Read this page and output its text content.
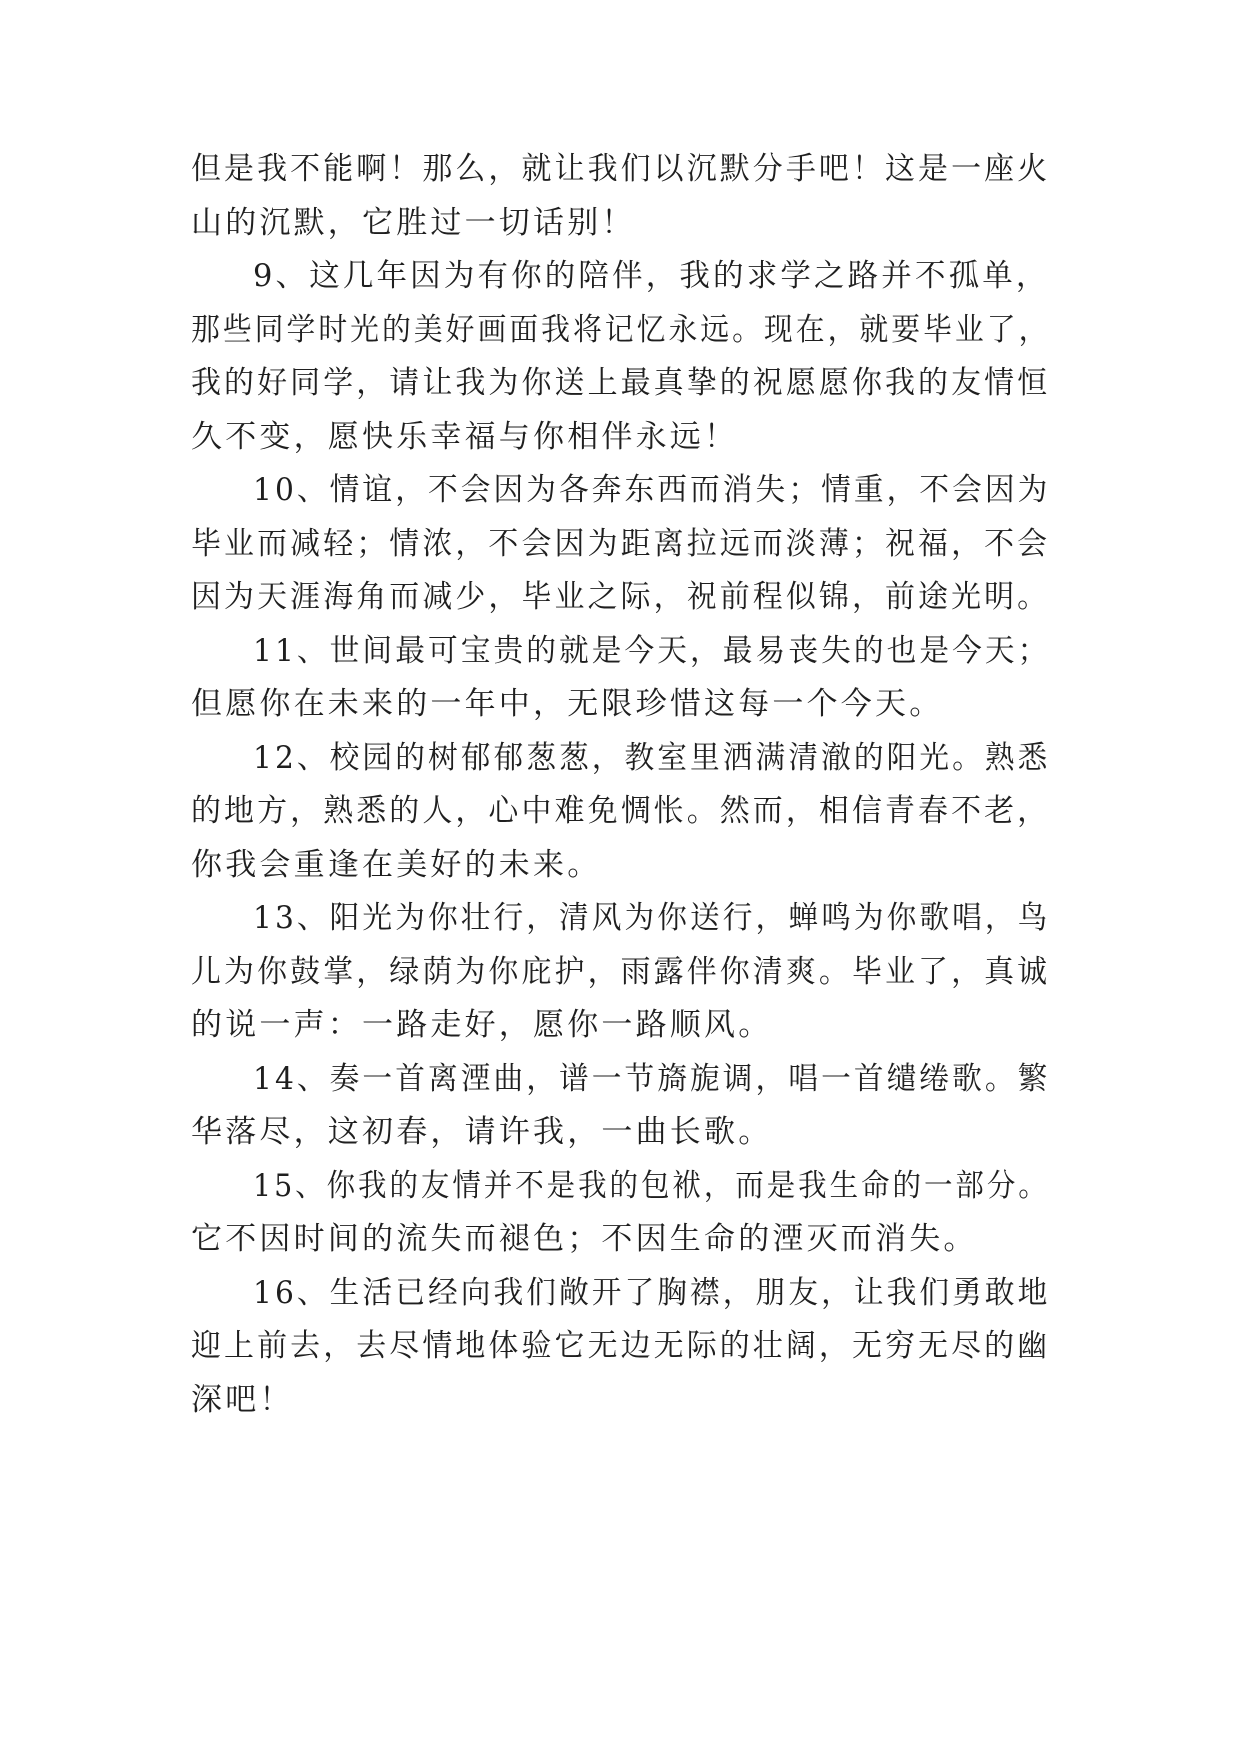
但是我不能啊！那么，就让我们以沉默分手吧！这是一座火
山的沉默，它胜过一切话别！
9、这几年因为有你的陪伴，我的求学之路并不孤单，
那些同学时光的美好画面我将记忆永远。现在，就要毕业了，
我的好同学，请让我为你送上最真挚的祝愿愿你我的友情恒
久不变，愿快乐幸福与你相伴永远！
10、情谊，不会因为各奔东西而消失；情重，不会因为
毕业而减轻；情浓，不会因为距离拉远而淡薄；祝福，不会
因为天涯海角而减少，毕业之际，祝前程似锦，前途光明。
11、世间最可宝贵的就是今天，最易丧失的也是今天；
但愿你在未来的一年中，无限珍惜这每一个今天。
12、校园的树郁郁葱葱，教室里洒满清澈的阳光。熟悉
的地方，熟悉的人，心中难免惆怅。然而，相信青春不老，
你我会重逢在美好的未来。
13、阳光为你壮行，清风为你送行，蝉鸣为你歌唱，鸟
儿为你鼓掌，绿荫为你庇护，雨露伴你清爽。毕业了，真诚
的说一声：一路走好，愿你一路顺风。
14、奏一首离湮曲，谱一节旖旎调，唱一首缱绻歌。繁
华落尽，这初春，请许我，一曲长歌。
15、你我的友情并不是我的包袱，而是我生命的一部分。
它不因时间的流失而褪色；不因生命的湮灭而消失。
16、生活已经向我们敞开了胸襟，朋友，让我们勇敢地
迎上前去，去尽情地体验它无边无际的壮阔，无穷无尽的幽
深吧！
